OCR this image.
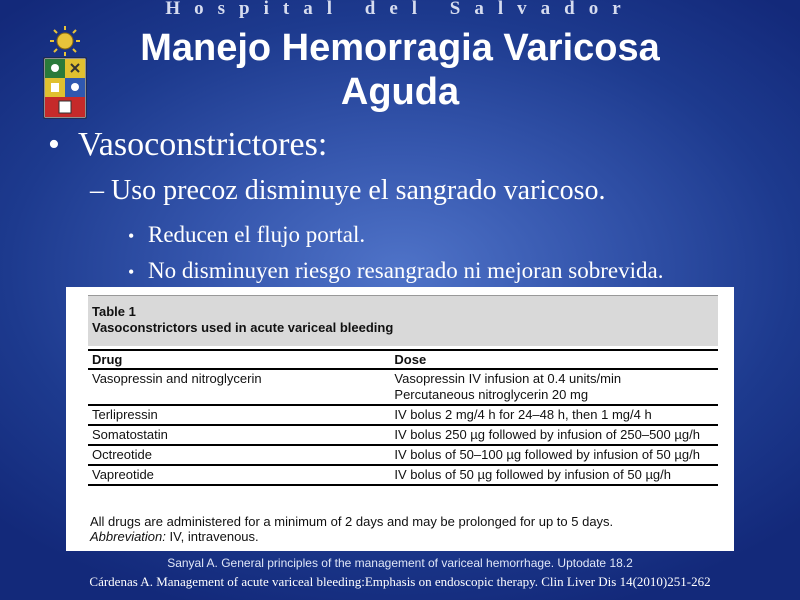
Hospital del Salvador
Manejo Hemorragia Varicosa
Aguda
• Vasoconstrictores:
– Uso precoz disminuye el sangrado varicoso.
• Reducen el flujo portal.
• No disminuyen riesgo resangrado ni mejoran sobrevida.
Table 1
Vasoconstrictors used in acute variceal bleeding
Drug	Dose
Vasopressin and nitroglycerin	Vasopressin IV infusion at 0.4 units/min
Percutaneous nitroglycerin 20 mg

Terlipressin	IV bolus 2 mg/4 h for 24–48 h, then 1 mg/4 h
Somatostatin	IV bolus 250 µg followed by infusion of 250–500 µg/h
Octreotide	IV bolus of 50–100 µg followed by infusion of 50 µg/h
Vapreotide	IV bolus of 50 µg followed by infusion of 50 µg/h
All drugs are administered for a minimum of 2 days and may be prolonged for up to 5 days.
Abbreviation: IV, intravenous.
Sanyal A. General principles of the management of variceal hemorrhage. Uptodate 18.2
Cárdenas A. Management of acute variceal bleeding:Emphasis on endoscopic therapy. Clin Liver Dis 14(2010)251-262
